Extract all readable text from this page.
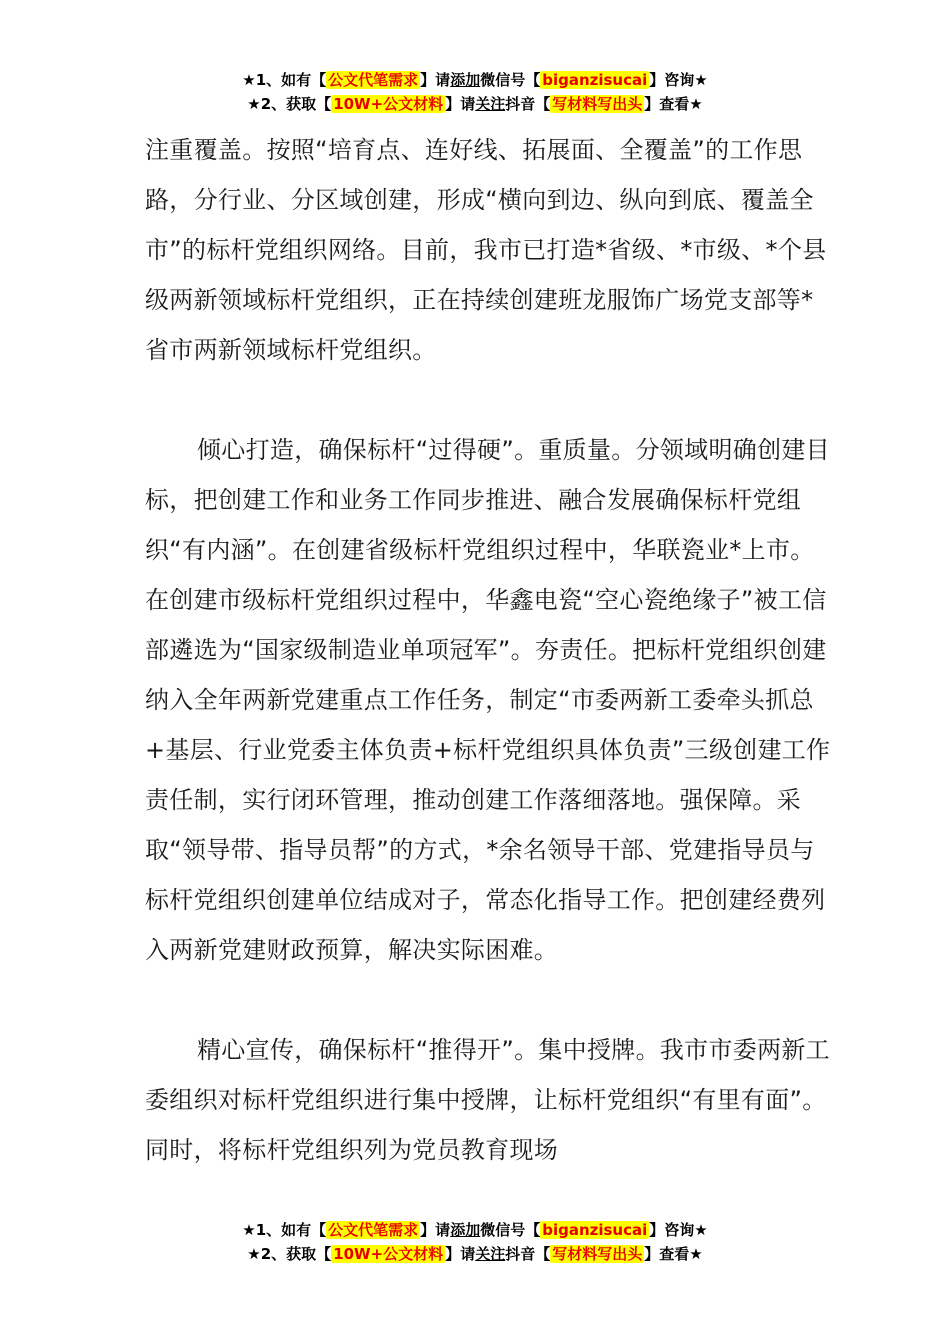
★1、如有【 公文代笔需求 】请添加微信号【 biganzisucai 】咨询★
★2、获取【 10W+公文材料 】请关注抖音【 写材料写出头 】查看★

注重覆盖。按照“培育点、连好线、拓展面、全覆盖”的工作思路，分行业、分区域创建，形成“横向到边、纵向到底、覆盖全市”的标杆党组织网络。目前，我市已打造*省级、*市级、*个县级两新领域标杆党组织，正在持续创建班龙服饰广场党支部等*省市两新领域标杆党组织。

倾心打造，确保标杆“过得硬”。重质量。分领域明确创建目标，把创建工作和业务工作同步推进、融合发展确保标杆党组织“有内涵”。在创建省级标杆党组织过程中，华联瓷业*上市。在创建市级标杆党组织过程中，华鑫电瓷“空心瓷绝缘子”被工信部遴选为“国家级制造业单项冠军”。夯责任。把标杆党组织创建纳入全年两新党建重点工作任务，制定“市委两新工委牵头抓总+基层、行业党委主体负责+标杆党组织具体负责”三级创建工作责任制，实行闭环管理，推动创建工作落细落地。强保障。采取“领导带、指导员帮”的方式，*余名领导干部、党建指导员与标杆党组织创建单位结成对子，常态化指导工作。把创建经费列入两新党建财政预算，解决实际困难。

精心宣传，确保标杆“推得开”。集中授牌。我市市委两新工委组织对标杆党组织进行集中授牌，让标杆党组织“有里有面”。同时，将标杆党组织列为党员教育现场

★1、如有【 公文代笔需求 】请添加微信号【 biganzisucai 】咨询★
★2、获取【 10W+公文材料 】请关注抖音【 写材料写出头 】查看★
